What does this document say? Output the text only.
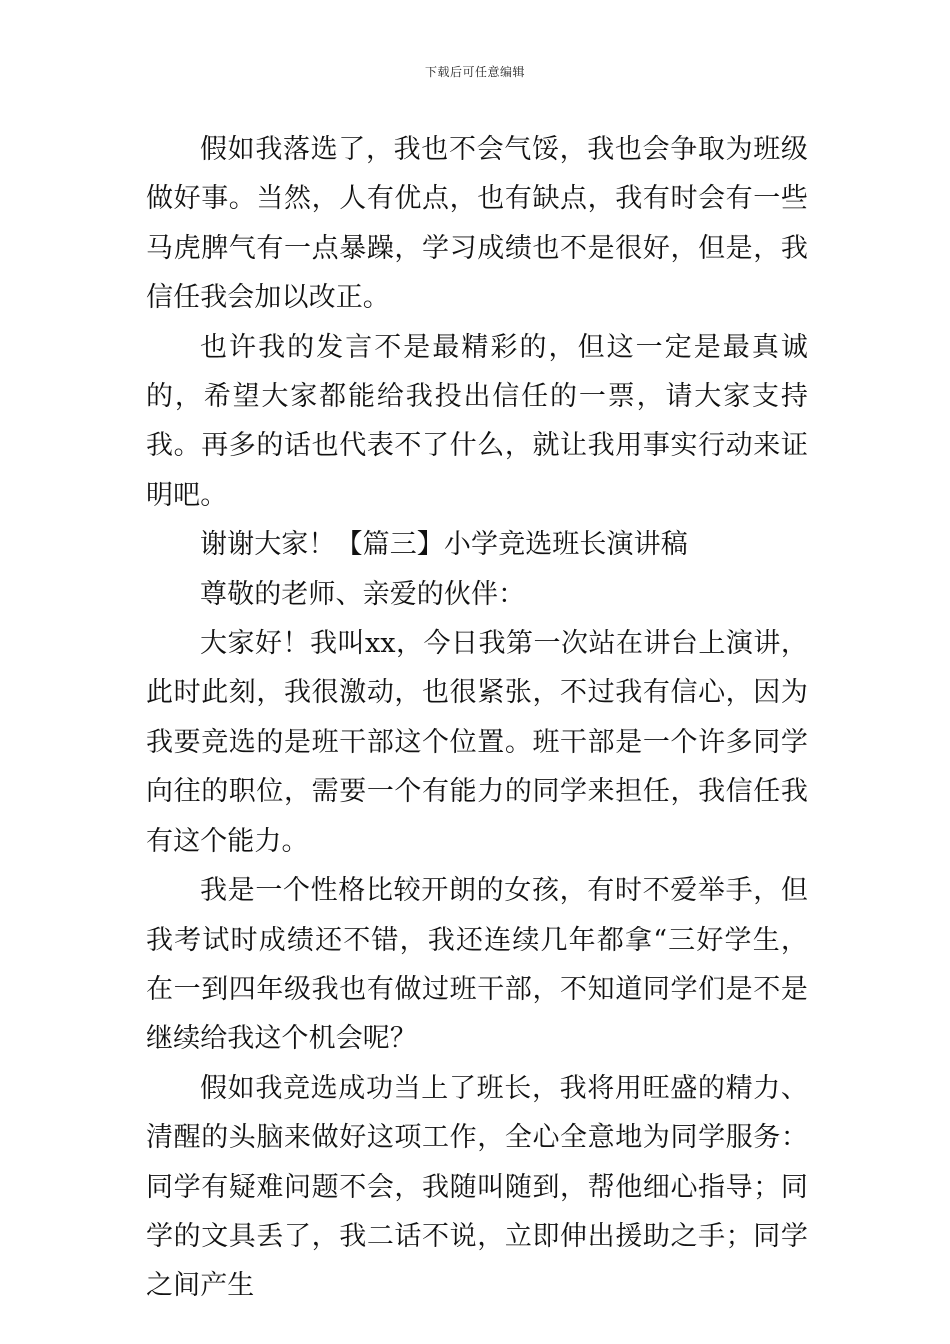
下载后可任意编辑

假如我落选了，我也不会气馁，我也会争取为班级做好事。当然，人有优点，也有缺点，我有时会有一些马虎脾气有一点暴躁，学习成绩也不是很好，但是，我信任我会加以改正。

也许我的发言不是最精彩的，但这一定是最真诚的，希望大家都能给我投出信任的一票，请大家支持我。再多的话也代表不了什么，就让我用事实行动来证明吧。

谢谢大家！【篇三】小学竞选班长演讲稿

尊敬的老师、亲爱的伙伴：

大家好！我叫xx，今日我第一次站在讲台上演讲，此时此刻，我很激动，也很紧张，不过我有信心，因为我要竞选的是班干部这个位置。班干部是一个许多同学向往的职位，需要一个有能力的同学来担任，我信任我有这个能力。

我是一个性格比较开朗的女孩，有时不爱举手，但我考试时成绩还不错，我还连续几年都拿“三好学生，在一到四年级我也有做过班干部，不知道同学们是不是继续给我这个机会呢？

假如我竞选成功当上了班长，我将用旺盛的精力、清醒的头脑来做好这项工作，全心全意地为同学服务：同学有疑难问题不会，我随叫随到，帮他细心指导；同学的文具丢了，我二话不说，立即伸出援助之手；同学之间产生
